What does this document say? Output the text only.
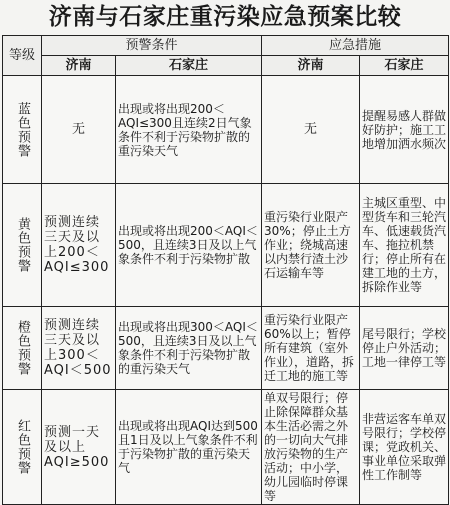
济南与石家庄重污染应急预案比较
等级	预警条件		应急措施	
	济南	石家庄	济南	石家庄
蓝色预警	无	出现或将出现200＜AQI≤300且连续2日气象条件不利于污染物扩散的重污染天气	无	提醒易感人群做好防护；施工工地增加洒水频次
黄色预警	预测连续三天及以上200＜AQI≤300	出现或将出现200＜AQI＜500，且连续3日及以上气象条件不利于污染物扩散	重污染行业限产30%；停止土方作业；绕城高速以内禁行渣土沙石运输车等	主城区重型、中型货车和三轮汽车、低速载货汽车、拖拉机禁行；停止所有在建工地的土方，拆除作业等
橙色预警	预测连续三天及以上300＜AQI＜500	出现或将出现300＜AQI＜500，且连续3日及以上气象条件不利于污染物扩散的重污染天气	重污染行业限产60%以上；暂停所有建筑（室外作业），道路，拆迁工地的施工等	尾号限行；学校停止户外活动；工地一律停工等
红色预警	预测一天及以上AQI≥500	出现或将出现AQI达到500且1日及以上气象条件不利于污染物扩散的重污染天气	单双号限行；停止除保障群众基本生活必需之外的一切向大气排放污染物的生产活动；中小学，幼儿园临时停课等	非营运客车单双号限行；学校停课；党政机关、事业单位采取弹性工作制等
